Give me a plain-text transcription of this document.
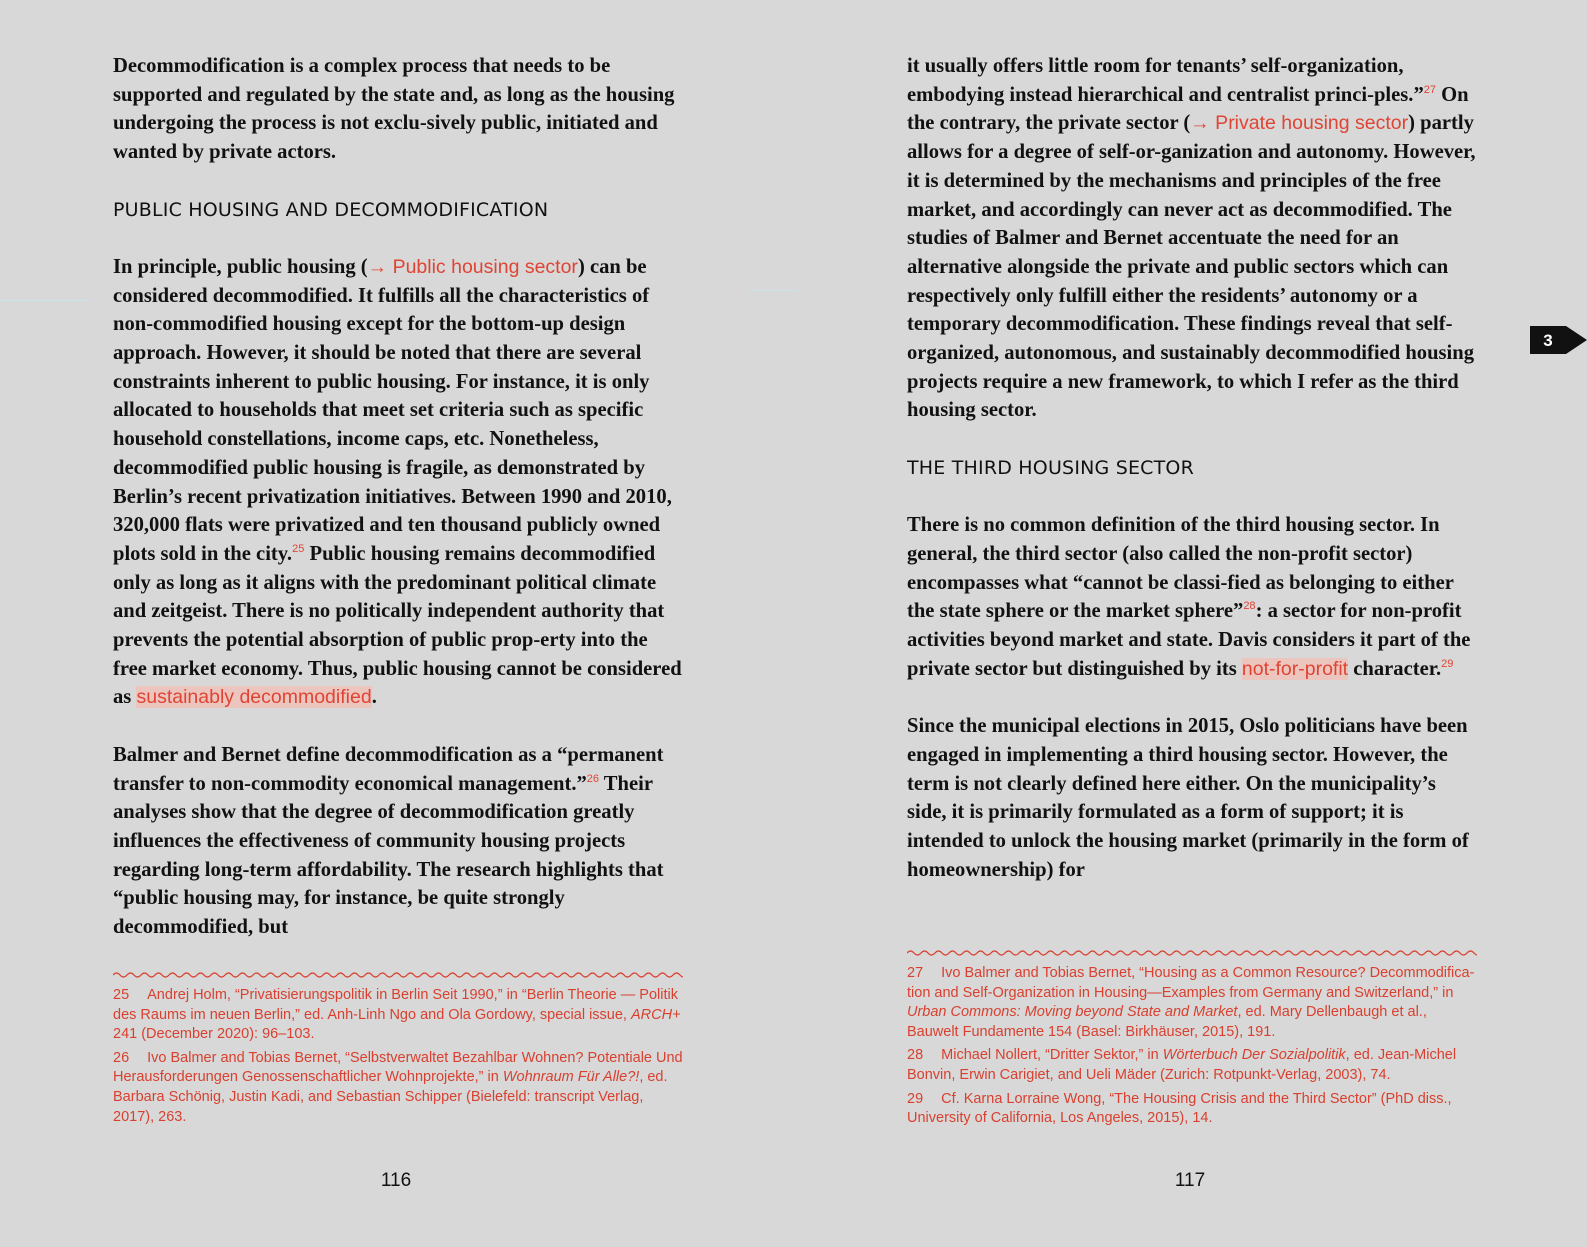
Decommodification is a complex process that needs to be supported and regulated by the state and, as long as the housing undergoing the process is not exclu-sively public, initiated and wanted by private actors.

PUBLIC HOUSING AND DECOMMODIFICATION

In principle, public housing (→ Public housing sector) can be considered decommodified. It fulfills all the characteristics of non-commodified housing except for the bottom-up design approach. However, it should be noted that there are several constraints inherent to public housing. For instance, it is only allocated to households that meet set criteria such as specific household constellations, income caps, etc. Nonetheless, decommodified public housing is fragile, as demonstrated by Berlin’s recent privatization initiatives. Between 1990 and 2010, 320,000 flats were privatized and ten thousand publicly owned plots sold in the city.$^{25}$ Public housing remains decommodified only as long as it aligns with the predominant political climate and zeitgeist. There is no politically independent authority that prevents the potential absorption of public prop-erty into the free market economy. Thus, public housing cannot be considered as sustainably decommodified.

Balmer and Bernet define decommodification as a “permanent transfer to non-commodity economical management.”$^{26}$ Their analyses show that the degree of decommodification greatly influences the effectiveness of community housing projects regarding long-term affordability. The research highlights that “public housing may, for instance, be quite strongly decommodified, but

25 Andrej Holm, “Privatisierungspolitik in Berlin Seit 1990,” in “Berlin Theorie — Politik des Raums im neuen Berlin,” ed. Anh-Linh Ngo and Ola Gordowy, special issue, ARCH+ 241 (December 2020): 96–103.

26 Ivo Balmer and Tobias Bernet, “Selbstverwaltet Bezahlbar Wohnen? Potentiale Und Herausforderungen Genossenschaftlicher Wohnprojekte,” in Wohnraum Für Alle?!, ed. Barbara Schönig, Justin Kadi, and Sebastian Schipper (Bielefeld: transcript Verlag, 2017), 263.

116

it usually offers little room for tenants’ self-organization, embodying instead hierarchical and centralist princi-ples.”$^{27}$ On the contrary, the private sector (→ Private housing sector) partly allows for a degree of self-or-ganization and autonomy. However, it is determined by the mechanisms and principles of the free market, and accordingly can never act as decommodified. The studies of Balmer and Bernet accentuate the need for an alternative alongside the private and public sectors which can respectively only fulfill either the residents’ autonomy or a temporary decommodification. These findings reveal that self-organized, autonomous, and sustainably decommodified housing projects require a new framework, to which I refer as the third housing sector.

THE THIRD HOUSING SECTOR

There is no common definition of the third housing sector. In general, the third sector (also called the non-profit sector) encompasses what “cannot be classi-fied as belonging to either the state sphere or the market sphere”$^{28}$: a sector for non-profit activities beyond market and state. Davis considers it part of the private sector but distinguished by its not-for-profit character.$^{29}$

Since the municipal elections in 2015, Oslo politicians have been engaged in implementing a third housing sector. However, the term is not clearly defined here either. On the municipality’s side, it is primarily formulated as a form of support; it is intended to unlock the housing market (primarily in the form of homeownership) for

27 Ivo Balmer and Tobias Bernet, “Housing as a Common Resource? Decommodifica-tion and Self-Organization in Housing—Examples from Germany and Switzerland,” in Urban Commons: Moving beyond State and Market, ed. Mary Dellenbaugh et al., Bauwelt Fundamente 154 (Basel: Birkhäuser, 2015), 191.

28 Michael Nollert, “Dritter Sektor,” in Wörterbuch Der Sozialpolitik, ed. Jean-Michel Bonvin, Erwin Carigiet, and Ueli Mäder (Zurich: Rotpunkt-Verlag, 2003), 74.

29 Cf. Karna Lorraine Wong, “The Housing Crisis and the Third Sector” (PhD diss., University of California, Los Angeles, 2015), 14.

117
3
